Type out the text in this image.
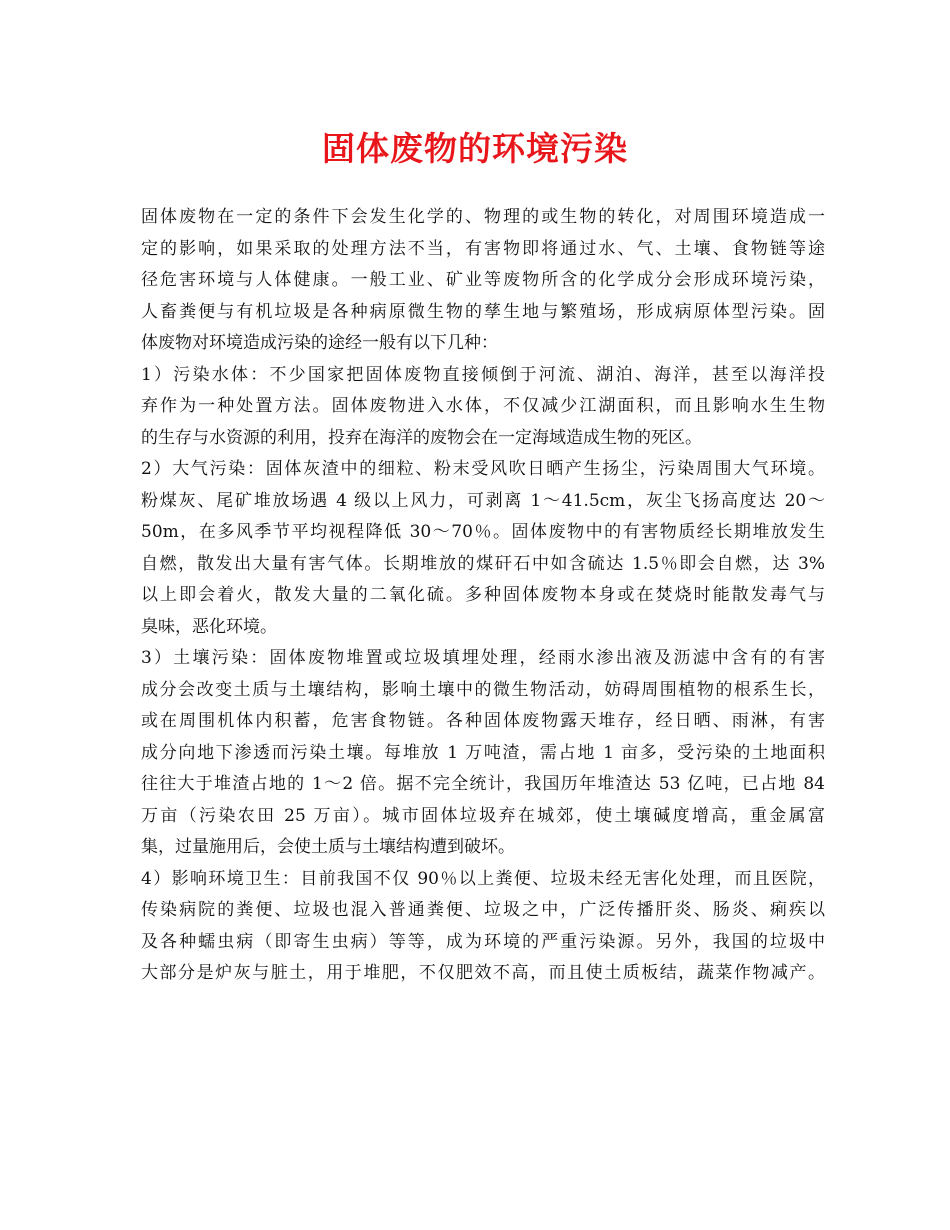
固体废物的环境污染

固体废物在一定的条件下会发生化学的、物理的或生物的转化，对周围环境造成一

定的影响，如果采取的处理方法不当，有害物即将通过水、气、土壤、食物链等途

径危害环境与人体健康。一般工业、矿业等废物所含的化学成分会形成环境污染，

人畜粪便与有机垃圾是各种病原微生物的孳生地与繁殖场，形成病原体型污染。固

体废物对环境造成污染的途经一般有以下几种：

1）污染水体：不少国家把固体废物直接倾倒于河流、湖泊、海洋，甚至以海洋投

弃作为一种处置方法。固体废物进入水体，不仅减少江湖面积，而且影响水生生物

的生存与水资源的利用，投弃在海洋的废物会在一定海域造成生物的死区。

2）大气污染：固体灰渣中的细粒、粉末受风吹日晒产生扬尘，污染周围大气环境。

粉煤灰、尾矿堆放场遇 4 级以上风力，可剥离 1～41.5cm，灰尘飞扬高度达 20～

50m，在多风季节平均视程降低 30～70％。固体废物中的有害物质经长期堆放发生

自燃，散发出大量有害气体。长期堆放的煤矸石中如含硫达 1.5％即会自燃，达 3%

以上即会着火，散发大量的二氧化硫。多种固体废物本身或在焚烧时能散发毒气与

臭味，恶化环境。

3）土壤污染：固体废物堆置或垃圾填埋处理，经雨水渗出液及沥滤中含有的有害

成分会改变土质与土壤结构，影响土壤中的微生物活动，妨碍周围植物的根系生长，

或在周围机体内积蓄，危害食物链。各种固体废物露天堆存，经日晒、雨淋，有害

成分向地下渗透而污染土壤。每堆放 1 万吨渣，需占地 1 亩多，受污染的土地面积

往往大于堆渣占地的 1～2 倍。据不完全统计，我国历年堆渣达 53 亿吨，已占地 84

万亩（污染农田 25 万亩）。城市固体垃圾弃在城郊，使土壤碱度增高，重金属富

集，过量施用后，会使土质与土壤结构遭到破坏。

4）影响环境卫生：目前我国不仅 90％以上粪便、垃圾未经无害化处理，而且医院，

传染病院的粪便、垃圾也混入普通粪便、垃圾之中，广泛传播肝炎、肠炎、痢疾以

及各种蠕虫病（即寄生虫病）等等，成为环境的严重污染源。另外，我国的垃圾中

大部分是炉灰与脏土，用于堆肥，不仅肥效不高，而且使土质板结，蔬菜作物减产。
